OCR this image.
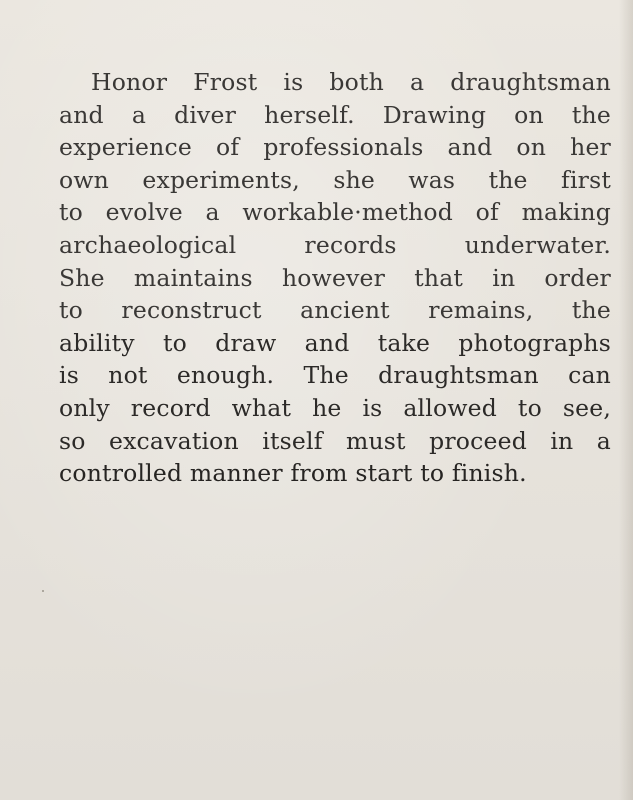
Honor Frost is both a draughtsman
and a diver herself. Drawing on the
experience of professionals and on her
own experiments, she was the first
to evolve a workable·method of making
archaeological records underwater.
She maintains however that in order
to reconstruct ancient remains, the
ability to draw and take photographs
is not enough. The draughtsman can
only record what he is allowed to see,
so excavation itself must proceed in a
controlled manner from start to finish.
